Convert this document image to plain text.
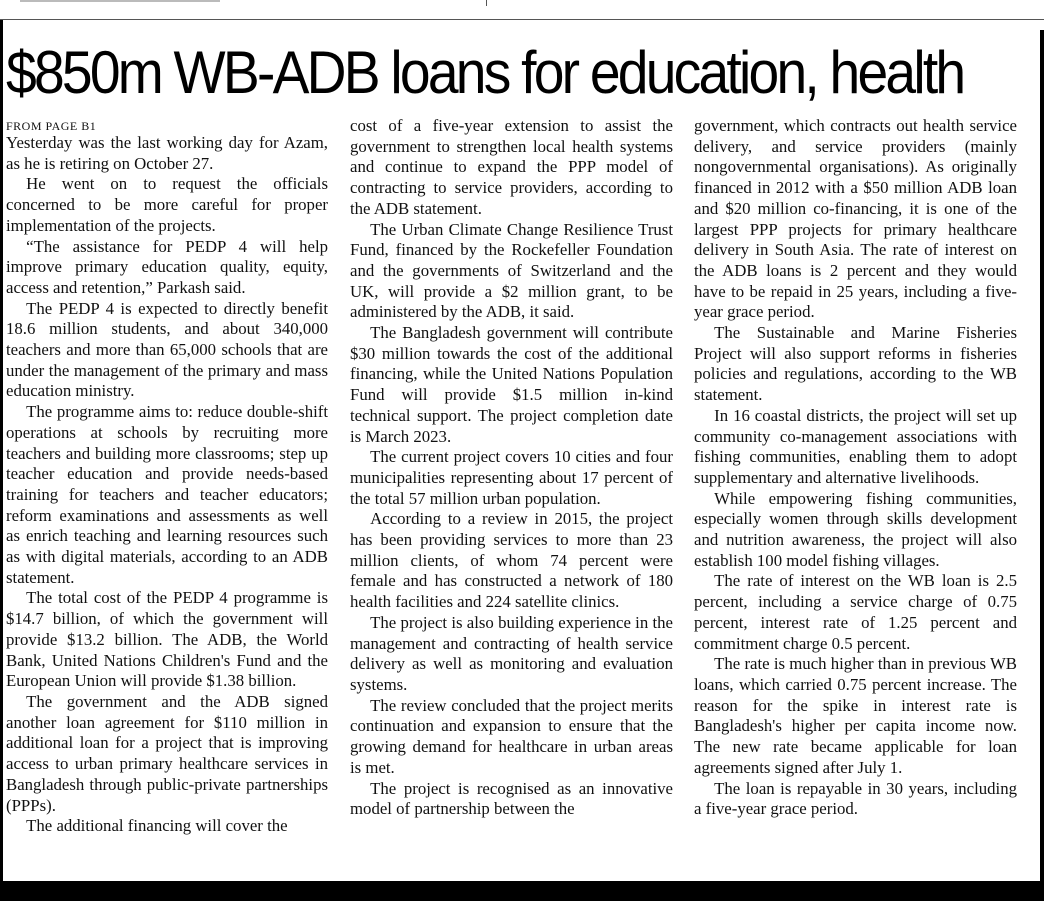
$850m WB-ADB loans for education, health
FROM PAGE B1

Yesterday was the last working day for Azam, as he is retiring on October 27.

He went on to request the officials concerned to be more careful for proper implementation of the projects.

“The assistance for PEDP 4 will help improve primary education quality, equity, access and retention,” Parkash said.

The PEDP 4 is expected to directly benefit 18.6 million students, and about 340,000 teachers and more than 65,000 schools that are under the management of the primary and mass education ministry.

The programme aims to: reduce double-shift operations at schools by recruiting more teachers and building more classrooms; step up teacher education and provide needs-based training for teachers and teacher educators; reform examinations and assessments as well as enrich teaching and learning resources such as with digital materials, according to an ADB statement.

The total cost of the PEDP 4 programme is $14.7 billion, of which the government will provide $13.2 billion. The ADB, the World Bank, United Nations Children's Fund and the European Union will provide $1.38 billion.

The government and the ADB signed another loan agreement for $110 million in additional loan for a project that is improving access to urban primary healthcare services in Bangladesh through public-private partnerships (PPPs).

The additional financing will cover the

cost of a five-year extension to assist the government to strengthen local health systems and continue to expand the PPP model of contracting to service providers, according to the ADB statement.

The Urban Climate Change Resilience Trust Fund, financed by the Rockefeller Foundation and the governments of Switzerland and the UK, will provide a $2 million grant, to be administered by the ADB, it said.

The Bangladesh government will contribute $30 million towards the cost of the additional financing, while the United Nations Population Fund will provide $1.5 million in-kind technical support. The project completion date is March 2023.

The current project covers 10 cities and four municipalities representing about 17 percent of the total 57 million urban population.

According to a review in 2015, the project has been providing services to more than 23 million clients, of whom 74 percent were female and has constructed a network of 180 health facilities and 224 satellite clinics.

The project is also building experience in the management and contracting of health service delivery as well as monitoring and evaluation systems.

The review concluded that the project merits continuation and expansion to ensure that the growing demand for healthcare in urban areas is met.

The project is recognised as an innovative model of partnership between the

government, which contracts out health service delivery, and service providers (mainly nongovernmental organisations). As originally financed in 2012 with a $50 million ADB loan and $20 million co-financing, it is one of the largest PPP projects for primary healthcare delivery in South Asia. The rate of interest on the ADB loans is 2 percent and they would have to be repaid in 25 years, including a five-year grace period.

The Sustainable and Marine Fisheries Project will also support reforms in fisheries policies and regulations, according to the WB statement.

In 16 coastal districts, the project will set up community co-management associations with fishing communities, enabling them to adopt supplementary and alternative livelihoods.

While empowering fishing communities, especially women through skills development and nutrition awareness, the project will also establish 100 model fishing villages.

The rate of interest on the WB loan is 2.5 percent, including a service charge of 0.75 percent, interest rate of 1.25 percent and commitment charge 0.5 percent.

The rate is much higher than in previous WB loans, which carried 0.75 percent increase. The reason for the spike in interest rate is Bangladesh's higher per capita income now. The new rate became applicable for loan agreements signed after July 1.

The loan is repayable in 30 years, including a five-year grace period.
